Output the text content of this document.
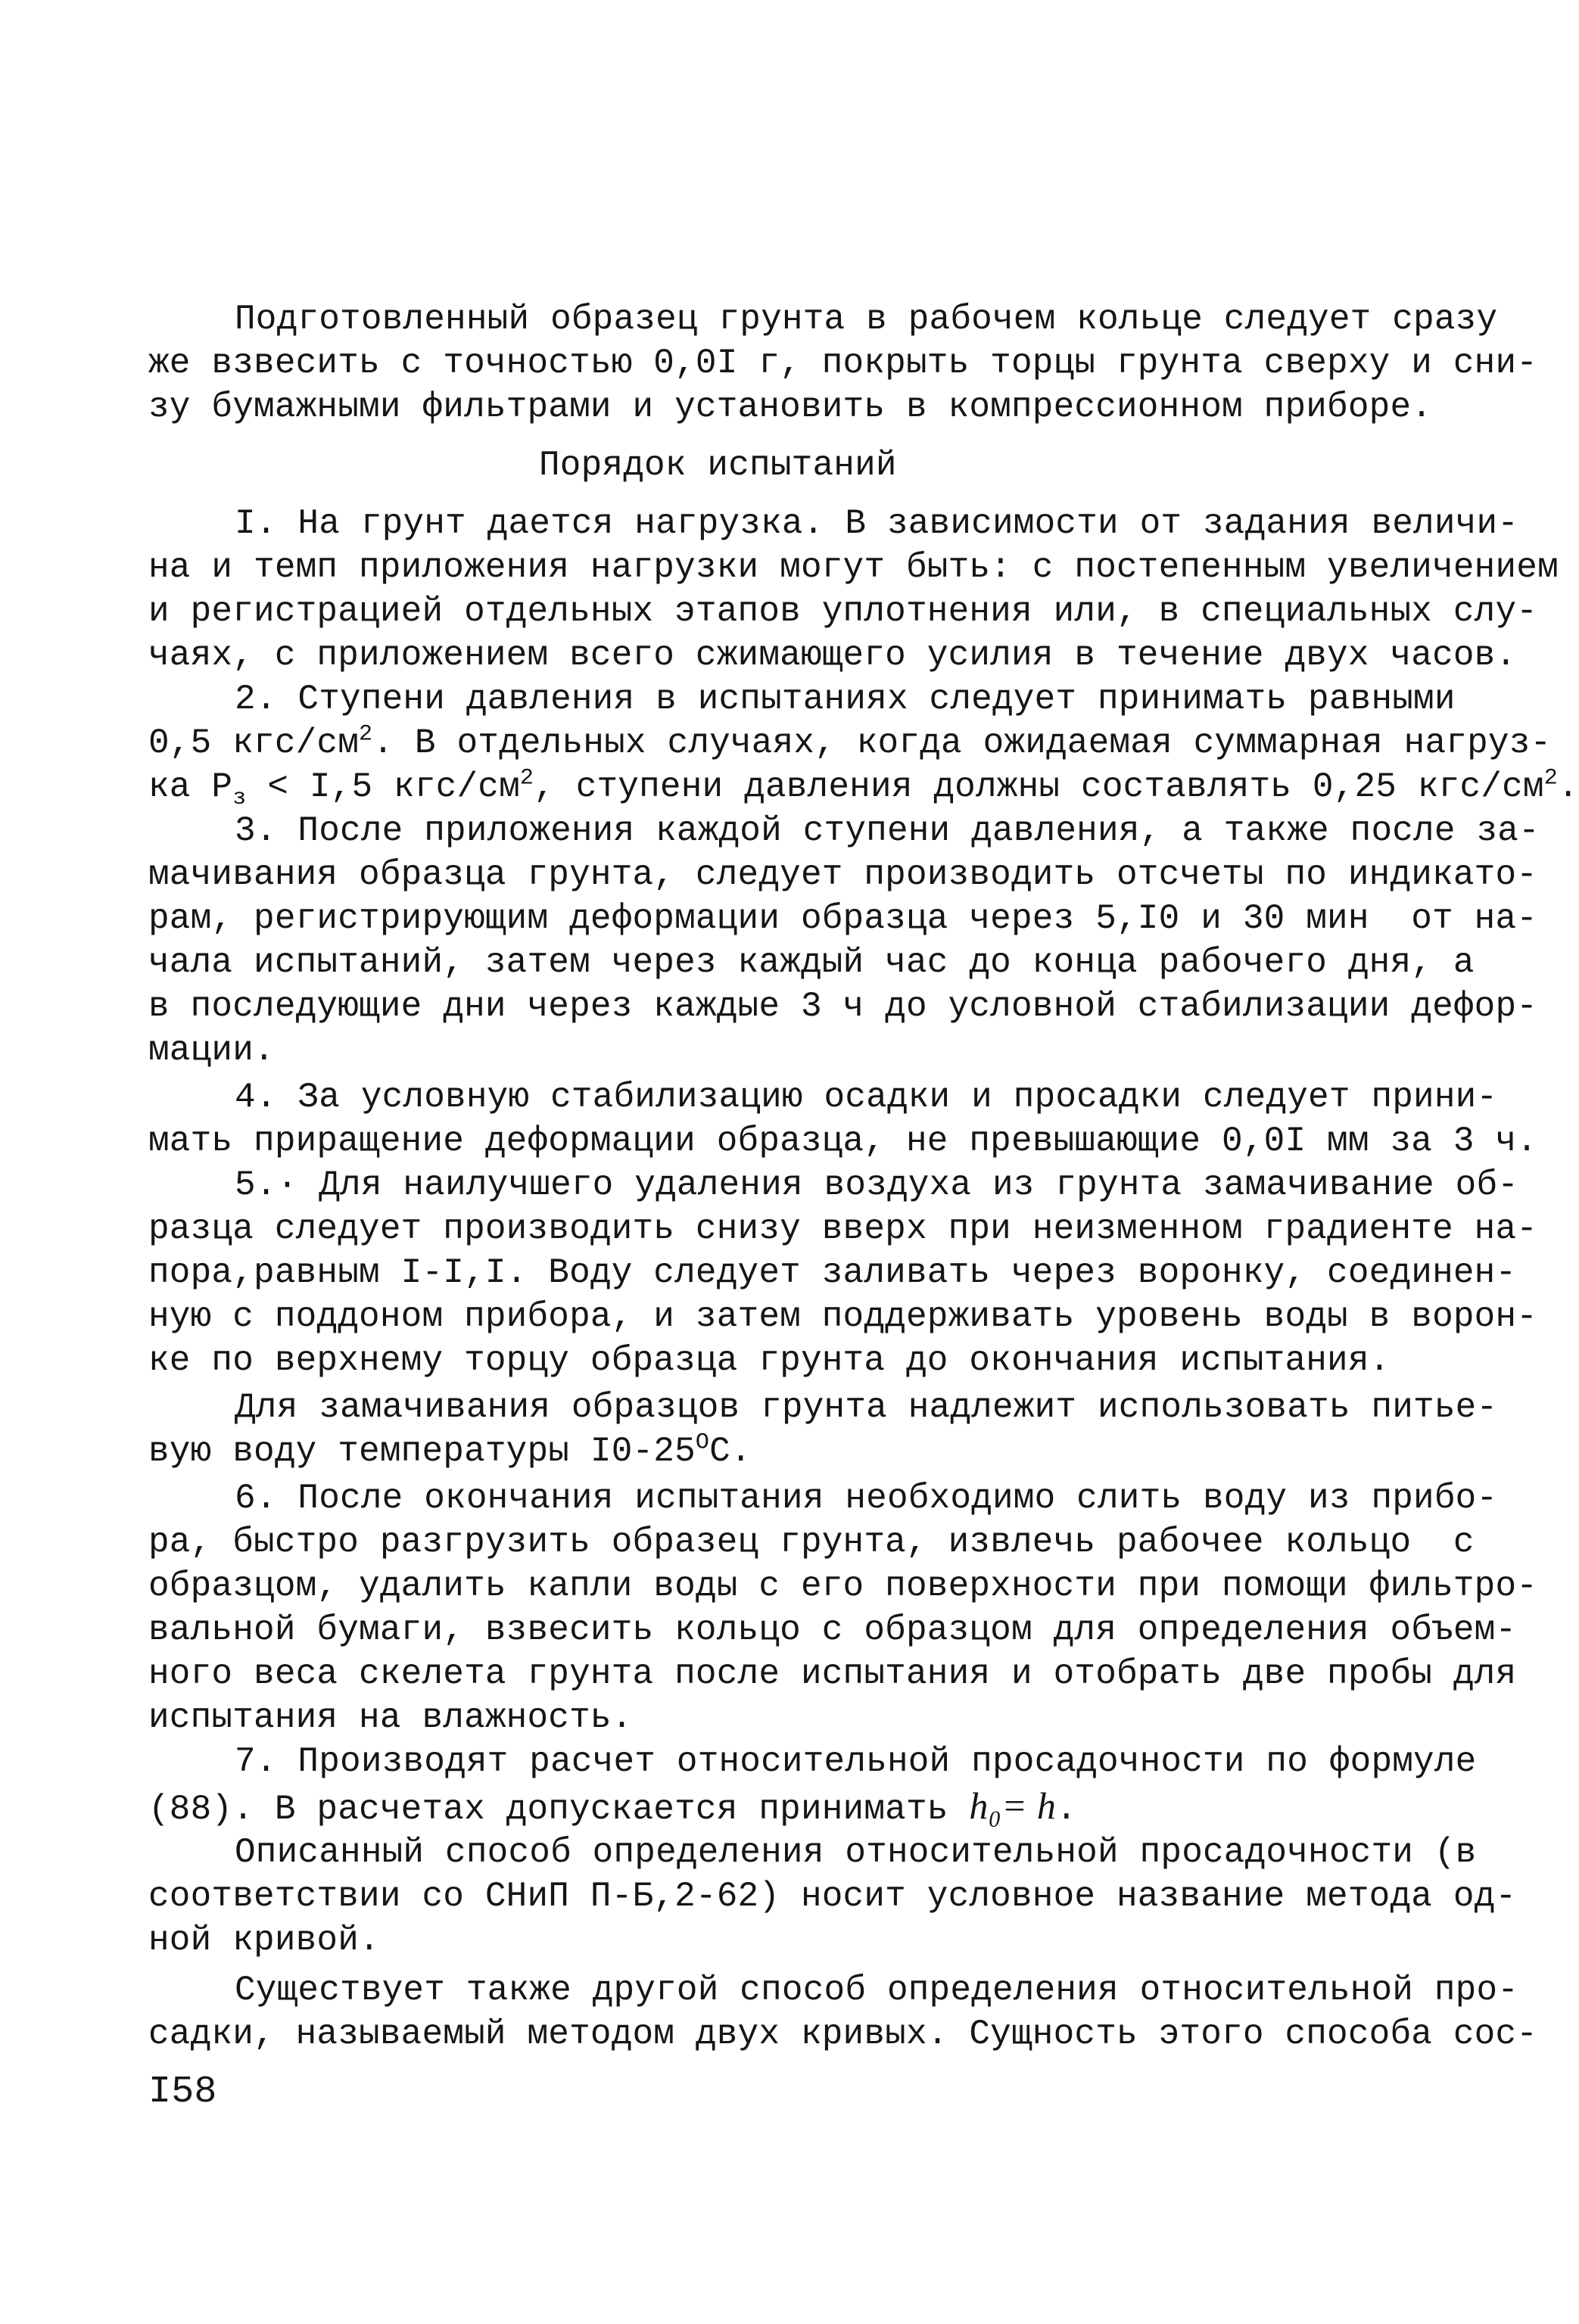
Подготовленный образец грунта в рабочем кольце следует сразу
же взвесить с точностью 0,0I г, покрыть торцы грунта сверху и сни-
зу бумажными фильтрами и установить в компрессионном приборе.
Порядок испытаний
I. На грунт дается нагрузка. В зависимости от задания величи-
на и темп приложения нагрузки могут быть: с постепенным увеличением
и регистрацией отдельных этапов уплотнения или, в специальных слу-
чаях, с приложением всего сжимающего усилия в течение двух часов.
2. Ступени давления в испытаниях следует принимать равными
0,5 кгс/$см^2$. В отдельных случаях, когда ожидаемая суммарная нагруз-
ка $Р_з < I,5$ кгс/$см^2$, ступени давления должны составлять 0,25 кгс/$см^2$.
3. После приложения каждой ступени давления, а также после за-
мачивания образца грунта, следует производить отсчеты по индикато-
рам, регистрирующим деформации образца через 5,I0 и 30 мин  от на-
чала испытаний, затем через каждый час до конца рабочего дня, а
в последующие дни через каждые 3 ч до условной стабилизации дефор-
мации.
4. За условную стабилизацию осадки и просадки следует прини-
мать приращение деформации образца, не превышающие 0,0I мм за 3 ч.
5.· Для наилучшего удаления воздуха из грунта замачивание об-
разца следует производить снизу вверх при неизменном градиенте на-
пора,равным I-I,I. Воду следует заливать через воронку, соединен-
ную с поддоном прибора, и затем поддерживать уровень воды в ворон-
ке по верхнему торцу образца грунта до окончания испытания.
Для замачивания образцов грунта надлежит использовать питье-
вую воду температуры $I0-25^ОС$.
6. После окончания испытания необходимо слить воду из прибо-
ра, быстро разгрузить образец грунта, извлечь рабочее кольцо  с
образцом, удалить капли воды с его поверхности при помощи фильтро-
вальной бумаги, взвесить кольцо с образцом для определения объем-
ного веса скелета грунта после испытания и отобрать две пробы для
испытания на влажность.
7. Производят расчет относительной просадочности по формуле
(88). В расчетах допускается принимать h₀= h.
Описанный способ определения относительной просадочности (в
соответствии со СНиП П-Б,2-62) носит условное название метода од-
ной кривой.
Существует также другой способ определения относительной про-
садки, называемый методом двух кривых. Сущность этого способа сос-
I58
